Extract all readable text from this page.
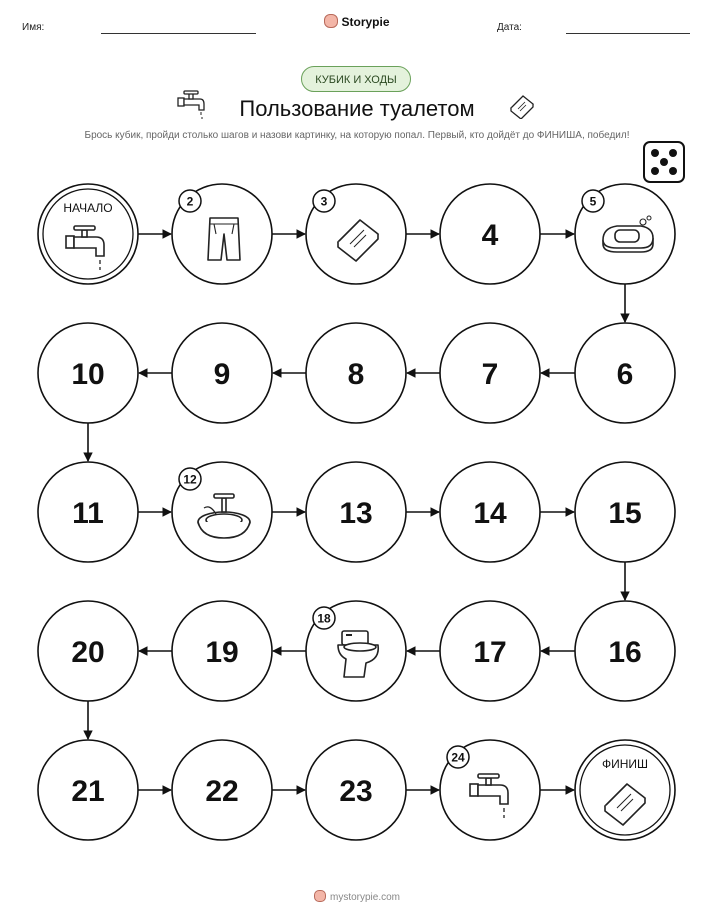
Имя:	Дата:
Storypie
КУБИК И ХОДЫ
Пользование туалетом
Брось кубик, пройди столько шагов и назови картинку, на которую попал. Первый, кто дойдёт до ФИНИША, победил!
НАЧАЛО	2	3
4
5
6
7
8
9
10
11
12
13	14	15
16
17
18
19
20
21	22	23
24	ФИНИШ
mystorypie.com
